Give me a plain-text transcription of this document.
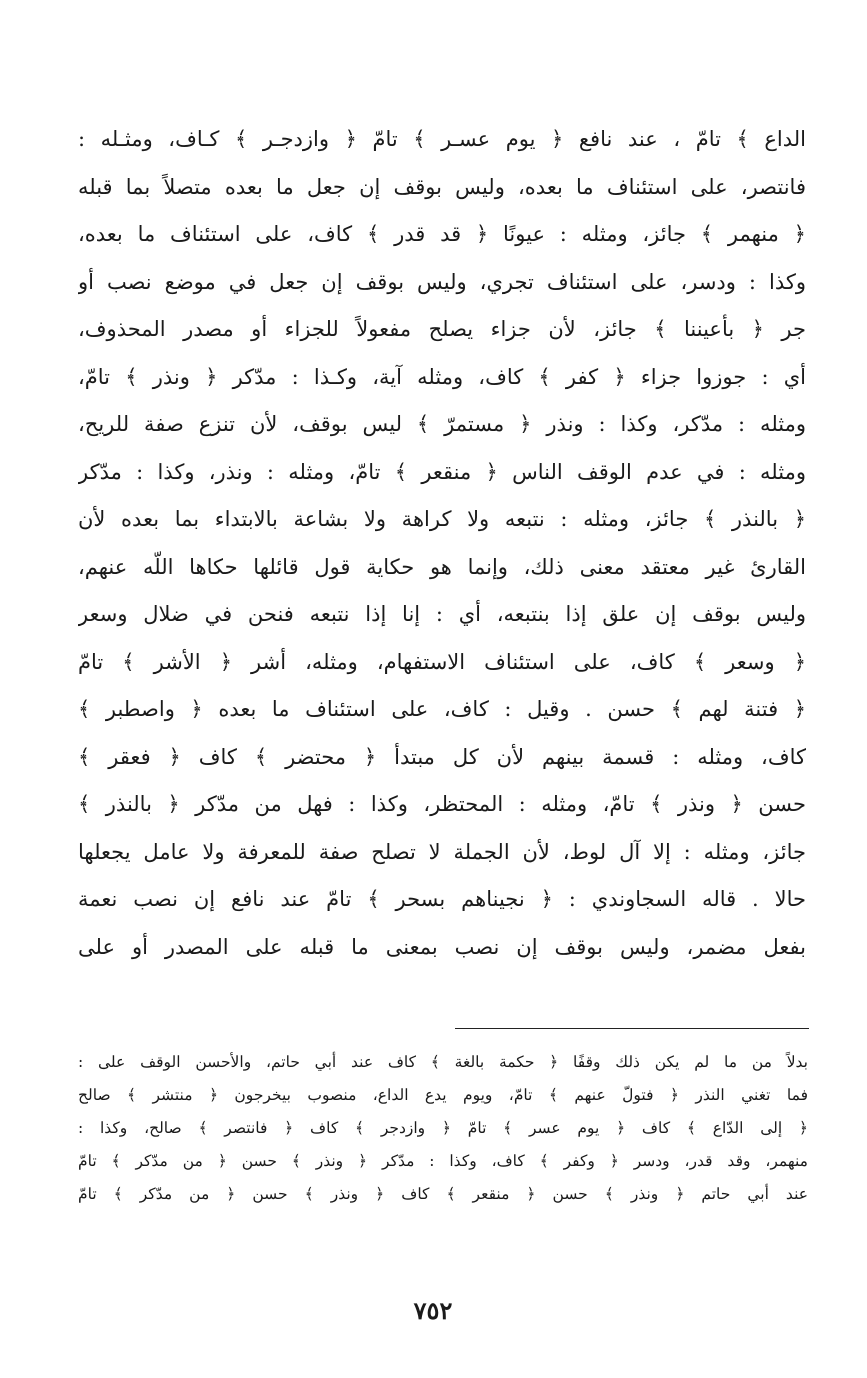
الداع ﴾ تامّ ، عند نافع ﴿ يوم عسـر ﴾ تامّ ﴿ وازدجـر ﴾ كـاف، ومثـله :
فانتصر، على استئناف ما بعده، وليس بوقف إن جعل ما بعده متصلاً بما قبله
﴿ منهمر ﴾ جائز، ومثله : عيونًا ﴿ قد قدر ﴾ كاف، على استئناف ما بعده،
وكذا : ودسر، على استئناف تجري، وليس بوقف إن جعل في موضع نصب أو
جر ﴿ بأعيننا ﴾ جائز، لأن جزاء يصلح مفعولاً للجزاء أو مصدر المحذوف،
أي : جوزوا جزاء ﴿ كفر ﴾ كاف، ومثله آية، وكـذا : مدّكر ﴿ ونذر ﴾ تامّ،
ومثله : مدّكر، وكذا : ونذر ﴿ مستمرّ ﴾ ليس بوقف، لأن تنزع صفة للريح،
ومثله : في عدم الوقف الناس ﴿ منقعر ﴾ تامّ، ومثله : ونذر، وكذا : مدّكر
﴿ بالنذر ﴾ جائز، ومثله : نتبعه ولا كراهة ولا بشاعة بالابتداء بما بعده لأن
القارئ غير معتقد معنى ذلك، وإنما هو حكاية قول قائلها حكاها اللّه عنهم،
وليس بوقف إن علق إذا بنتبعه، أي : إنا إذا نتبعه فنحن في ضلال وسعر
﴿ وسعر ﴾ كاف، على استئناف الاستفهام، ومثله، أشر ﴿ الأشر ﴾ تامّ
﴿ فتنة لهم ﴾ حسن . وقيل : كاف، على استئناف ما بعده ﴿ واصطبر ﴾
كاف، ومثله : قسمة بينهم لأن كل مبتدأ ﴿ محتضر ﴾ كاف ﴿ فعقر ﴾
حسن ﴿ ونذر ﴾ تامّ، ومثله : المحتظر، وكذا : فهل من مدّكر ﴿ بالنذر ﴾
جائز، ومثله : إلا آل لوط، لأن الجملة لا تصلح صفة للمعرفة ولا عامل يجعلها
حالا . قاله السجاوندي : ﴿ نجيناهم بسحر ﴾ تامّ عند نافع إن نصب نعمة
بفعل مضمر، وليس بوقف إن نصب بمعنى ما قبله على المصدر أو على
بدلاً من ما لم يكن ذلك وقفًا ﴿ حكمة بالغة ﴾ كاف عند أبي حاتم، والأحسن الوقف على :
فما تغني النذر ﴿ فتولّ عنهم ﴾ تامّ، ويوم يدع الداع، منصوب بيخرجون ﴿ منتشر ﴾ صالح
﴿ إلى الدّاع ﴾ كاف ﴿ يوم عسر ﴾ تامّ ﴿ وازدجر ﴾ كاف ﴿ فانتصر ﴾ صالح، وكذا :
منهمر، وقد قدر، ودسر ﴿ وكفر ﴾ كاف، وكذا : مدّكر ﴿ ونذر ﴾ حسن ﴿ من مدّكر ﴾ تامّ
عند أبي حاتم ﴿ ونذر ﴾ حسن ﴿ منقعر ﴾ كاف ﴿ ونذر ﴾ حسن ﴿ من مدّكر ﴾ تامّ
٧٥٢
